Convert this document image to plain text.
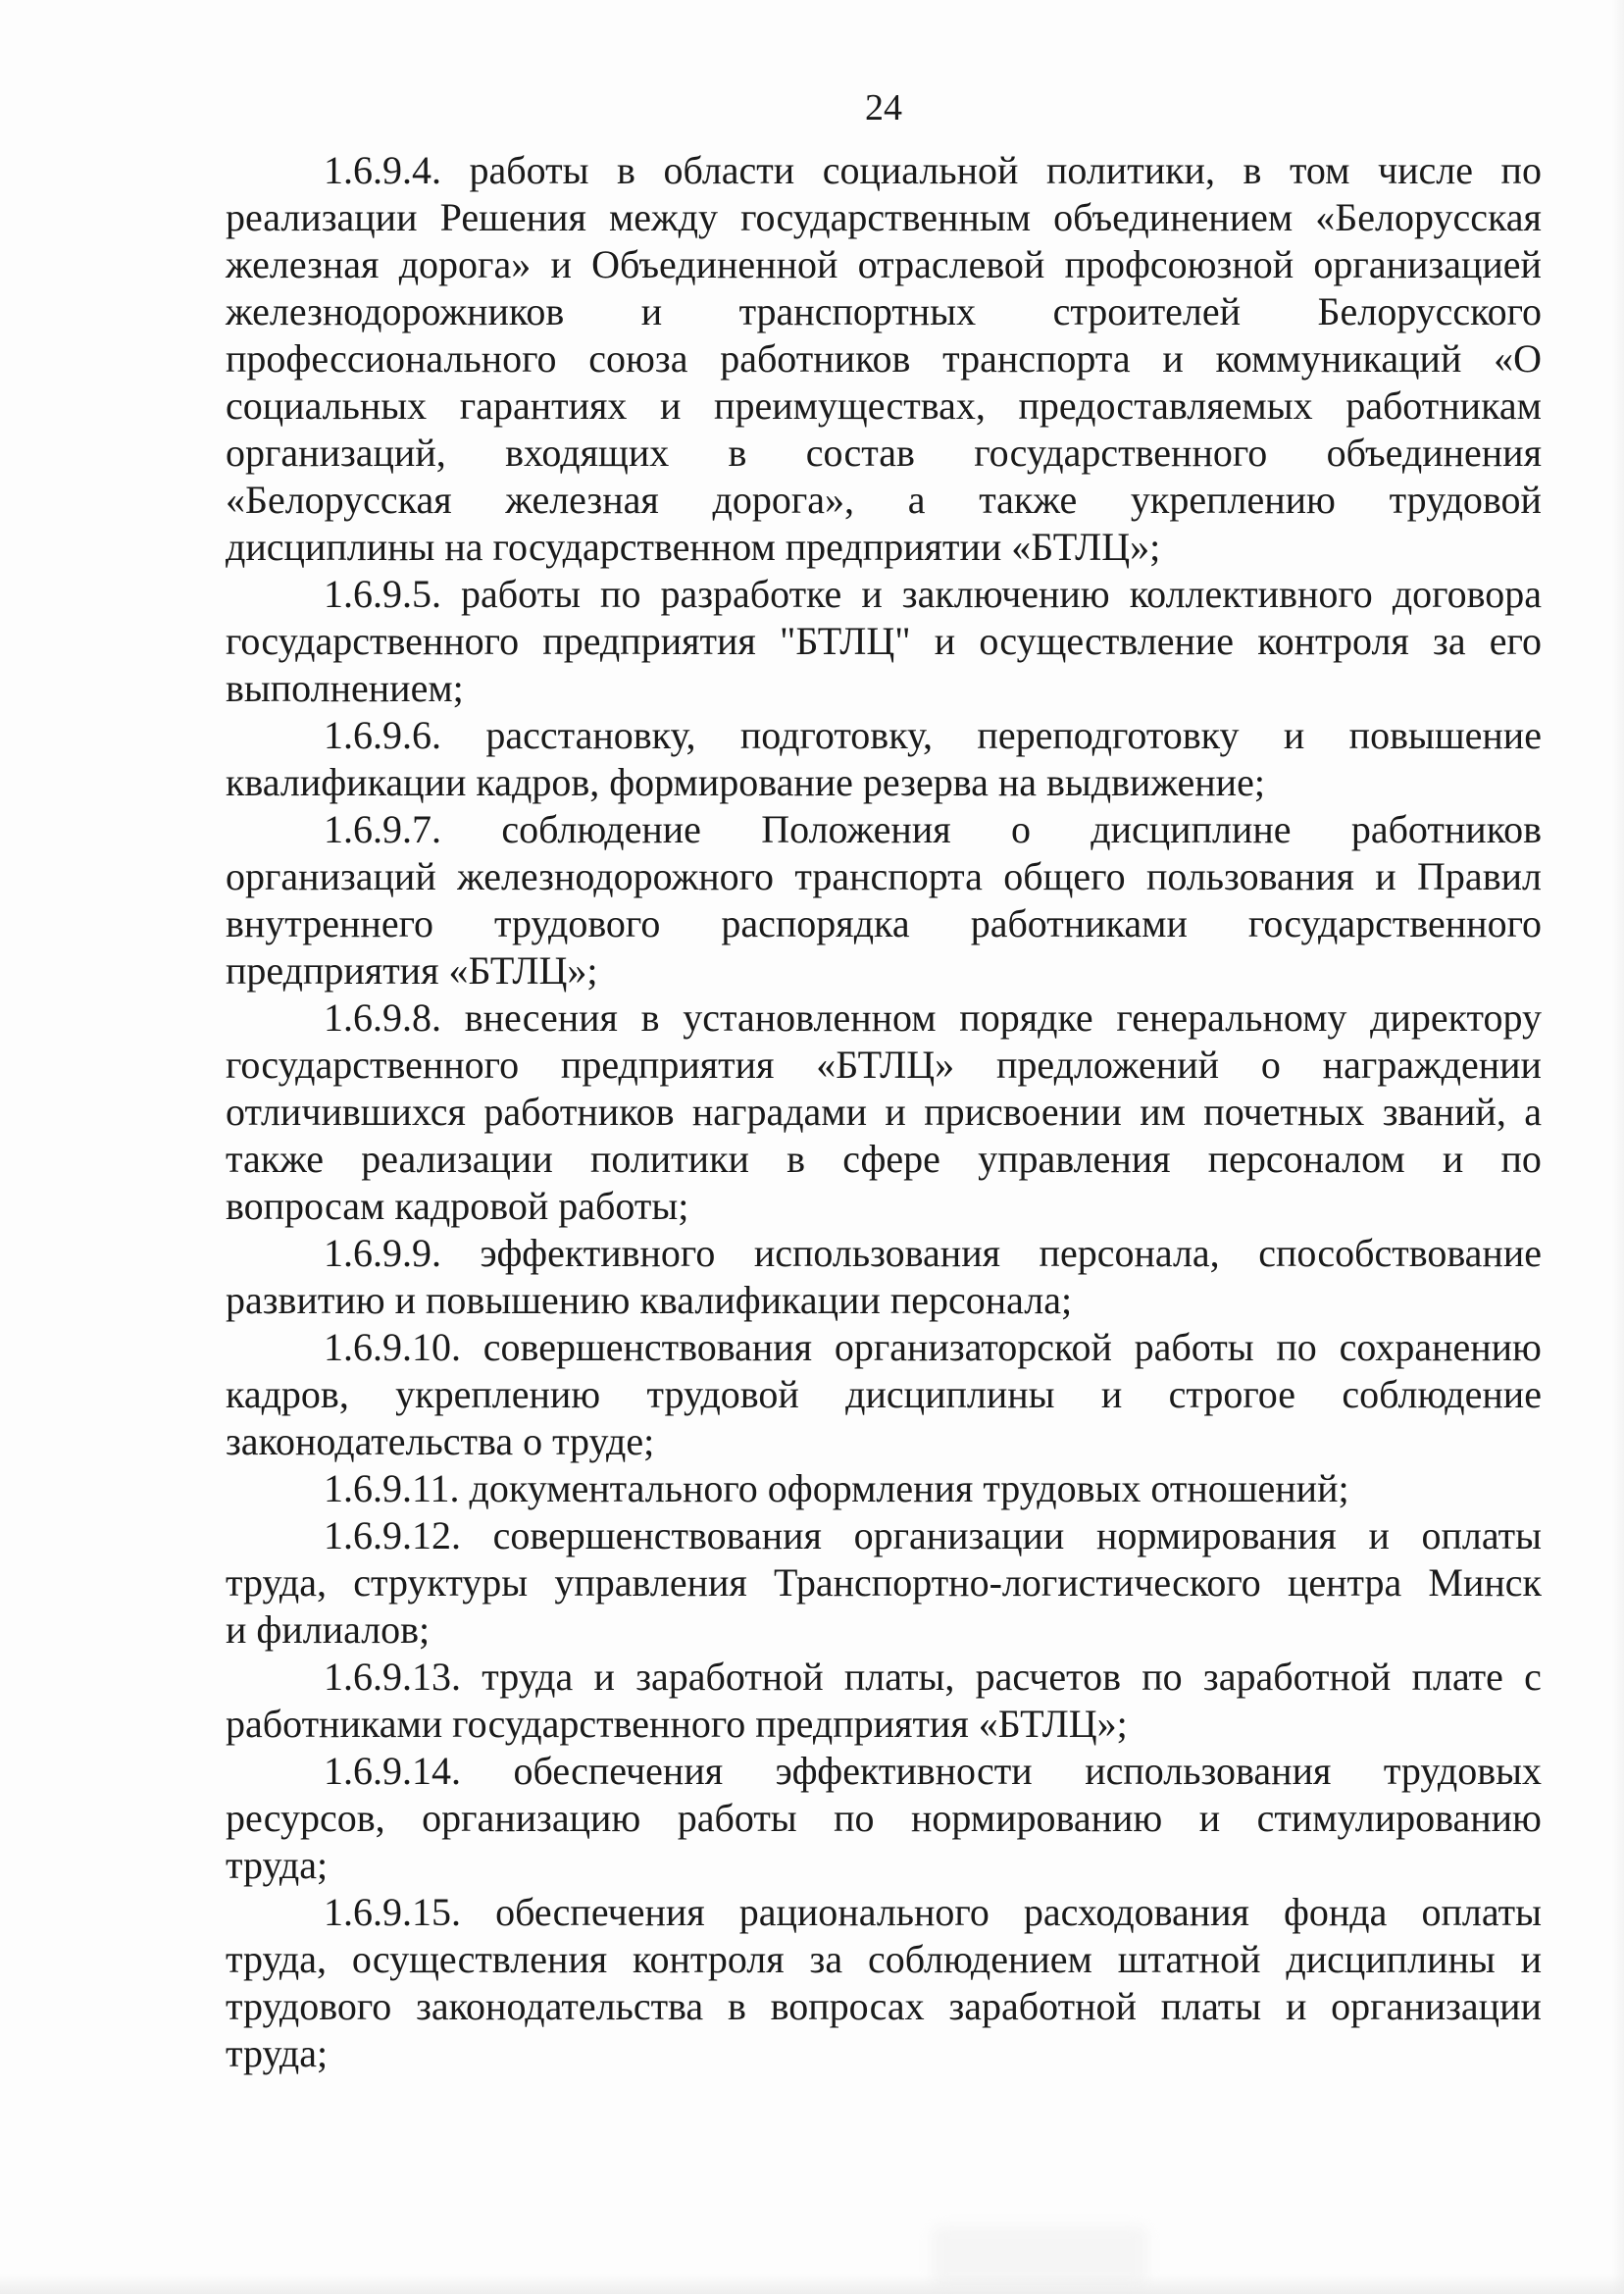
24
1.6.9.4. работы в области социальной политики, в том числе по
реализации Решения между государственным объединением «Белорусская
железная дорога» и Объединенной отраслевой профсоюзной организацией
железнодорожников и транспортных строителей Белорусского
профессионального союза работников транспорта и коммуникаций «О
социальных гарантиях и преимуществах, предоставляемых работникам
организаций, входящих в состав государственного объединения
«Белорусская железная дорога», а также укреплению трудовой
дисциплины на государственном предприятии «БТЛЦ»;
1.6.9.5. работы по разработке и заключению коллективного договора
государственного предприятия "БТЛЦ" и осуществление контроля за его
выполнением;
1.6.9.6. расстановку, подготовку, переподготовку и повышение
квалификации кадров, формирование резерва на выдвижение;
1.6.9.7. соблюдение Положения о дисциплине работников
организаций железнодорожного транспорта общего пользования и Правил
внутреннего трудового распорядка работниками государственного
предприятия «БТЛЦ»;
1.6.9.8. внесения в установленном порядке генеральному директору
государственного предприятия «БТЛЦ» предложений о награждении
отличившихся работников наградами и присвоении им почетных званий, а
также реализации политики в сфере управления персоналом и по
вопросам кадровой работы;
1.6.9.9. эффективного использования персонала, способствование
развитию и повышению квалификации персонала;
1.6.9.10. совершенствования организаторской работы по сохранению
кадров, укреплению трудовой дисциплины и строгое соблюдение
законодательства о труде;
1.6.9.11. документального оформления трудовых отношений;
1.6.9.12. совершенствования организации нормирования и оплаты
труда, структуры управления Транспортно-логистического центра Минск
и филиалов;
1.6.9.13. труда и заработной платы, расчетов по заработной плате с
работниками государственного предприятия «БТЛЦ»;
1.6.9.14. обеспечения эффективности использования трудовых
ресурсов, организацию работы по нормированию и стимулированию
труда;
1.6.9.15. обеспечения рационального расходования фонда оплаты
труда, осуществления контроля за соблюдением штатной дисциплины и
трудового законодательства в вопросах заработной платы и организации
труда;
